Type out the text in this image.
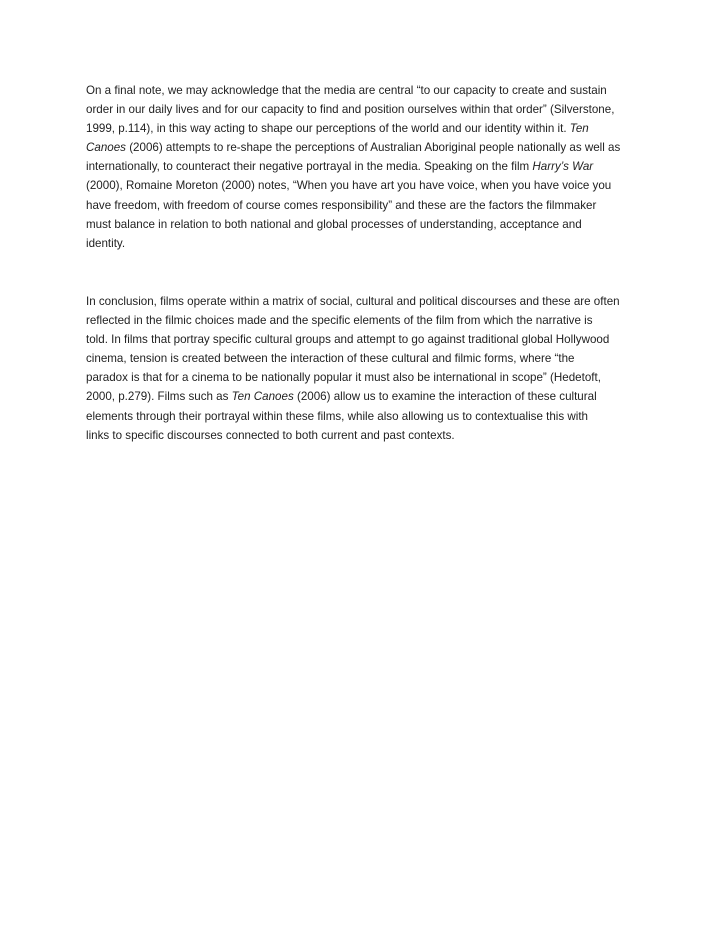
On a final note, we may acknowledge that the media are central “to our capacity to create and sustain
order in our daily lives and for our capacity to find and position ourselves within that order” (Silverstone,
1999, p.114), in this way acting to shape our perceptions of the world and our identity within it. Ten
Canoes (2006) attempts to re-shape the perceptions of Australian Aboriginal people nationally as well as
internationally, to counteract their negative portrayal in the media. Speaking on the film Harry’s War
(2000), Romaine Moreton (2000) notes, “When you have art you have voice, when you have voice you
have freedom, with freedom of course comes responsibility” and these are the factors the filmmaker
must balance in relation to both national and global processes of understanding, acceptance and
identity.
In conclusion, films operate within a matrix of social, cultural and political discourses and these are often
reflected in the filmic choices made and the specific elements of the film from which the narrative is
told. In films that portray specific cultural groups and attempt to go against traditional global Hollywood
cinema, tension is created between the interaction of these cultural and filmic forms, where “the
paradox is that for a cinema to be nationally popular it must also be international in scope” (Hedetoft,
2000, p.279). Films such as Ten Canoes (2006) allow us to examine the interaction of these cultural
elements through their portrayal within these films, while also allowing us to contextualise this with
links to specific discourses connected to both current and past contexts.
